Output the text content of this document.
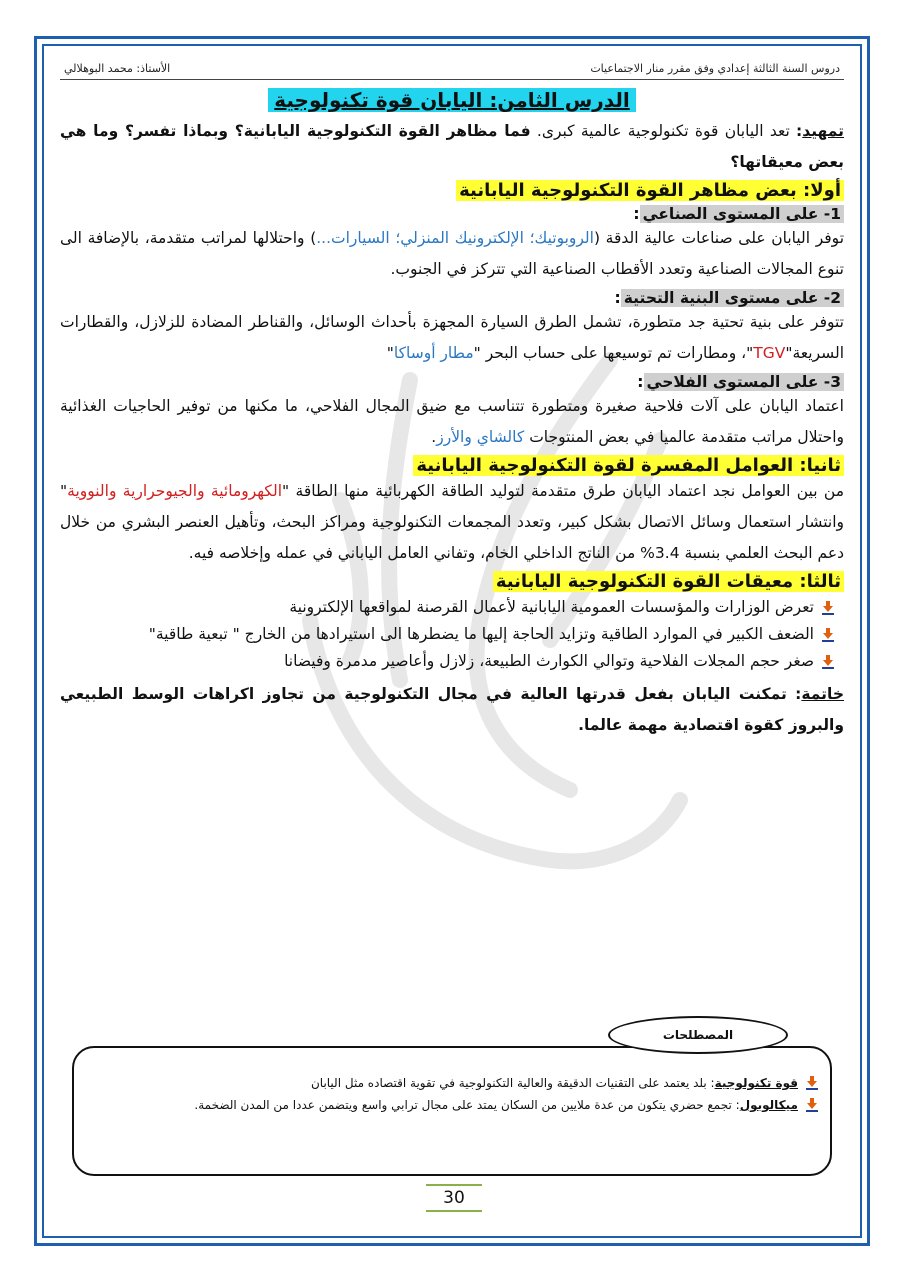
دروس السنة الثالثة إعدادي وفق مقرر منار الاجتماعيات
الأستاذ: محمد البوهلالي
الدرس الثامن: اليابان قوة تكنولوجية

تمهيد: تعد اليابان قوة تكنولوجية عالمية كبرى. فما مظاهر القوة التكنولوجية اليابانية؟ وبماذا تفسر؟ وما هي بعض معيقاتها؟

أولا: بعض مظاهر القوة التكنولوجية اليابانية
1- على المستوى الصناعي:

توفر اليابان على صناعات عالية الدقة (الروبوتيك؛ الإلكترونيك المنزلي؛ السيارات...) واحتلالها لمراتب متقدمة، بالإضافة الى تنوع المجالات الصناعية وتعدد الأقطاب الصناعية التي تتركز في الجنوب.

2- على مستوى البنية التحتية:

تتوفر على بنية تحتية جد متطورة، تشمل الطرق السيارة المجهزة بأحداث الوسائل، والقناطر المضادة للزلازل، والقطارات السريعة"TGV"، ومطارات تم توسيعها على حساب البحر "مطار أوساكا"

3- على المستوى الفلاحي:

اعتماد اليابان على آلات فلاحية صغيرة ومتطورة تتناسب مع ضيق المجال الفلاحي، ما مكنها من توفير الحاجيات الغذائية واحتلال مراتب متقدمة عالميا في بعض المنتوجات كالشاي والأرز.

ثانيا: العوامل المفسرة لقوة التكنولوجية اليابانية

من بين العوامل نجد اعتماد اليابان طرق متقدمة لتوليد الطاقة الكهربائية منها الطاقة "الكهرومائية والجيوحرارية والنووية" وانتشار استعمال وسائل الاتصال بشكل كبير، وتعدد المجمعات التكنولوجية ومراكز البحث، وتأهيل العنصر البشري من خلال دعم البحث العلمي بنسبة 3.4% من الناتج الداخلي الخام، وتفاني العامل الياباني في عمله وإخلاصه فيه.

ثالثا: معيقات القوة التكنولوجية اليابانية
تعرض الوزارات والمؤسسات العمومية اليابانية لأعمال القرصنة لمواقعها الإلكترونية
الضعف الكبير في الموارد الطاقية وتزايد الحاجة إليها ما يضطرها الى استيرادها من الخارج " تبعية طاقية"
صغر حجم المجلات الفلاحية وتوالي الكوارث الطبيعة، زلازل وأعاصير مدمرة وفيضانا

خاتمة: تمكنت اليابان بفعل قدرتها العالية في مجال التكنولوجية من تجاوز اكراهات الوسط الطبيعي والبروز كقوة اقتصادية مهمة عالما.

قوة تكنولوجية: بلد يعتمد على التقنيات الدقيقة والعالية التكنولوجية في تقوية اقتصاده مثل اليابان
ميكالوبول: تجمع حضري يتكون من عدة ملايين من السكان يمتد على مجال ترابي واسع ويتضمن عددا من المدن الضخمة.
المصطلحات
30
